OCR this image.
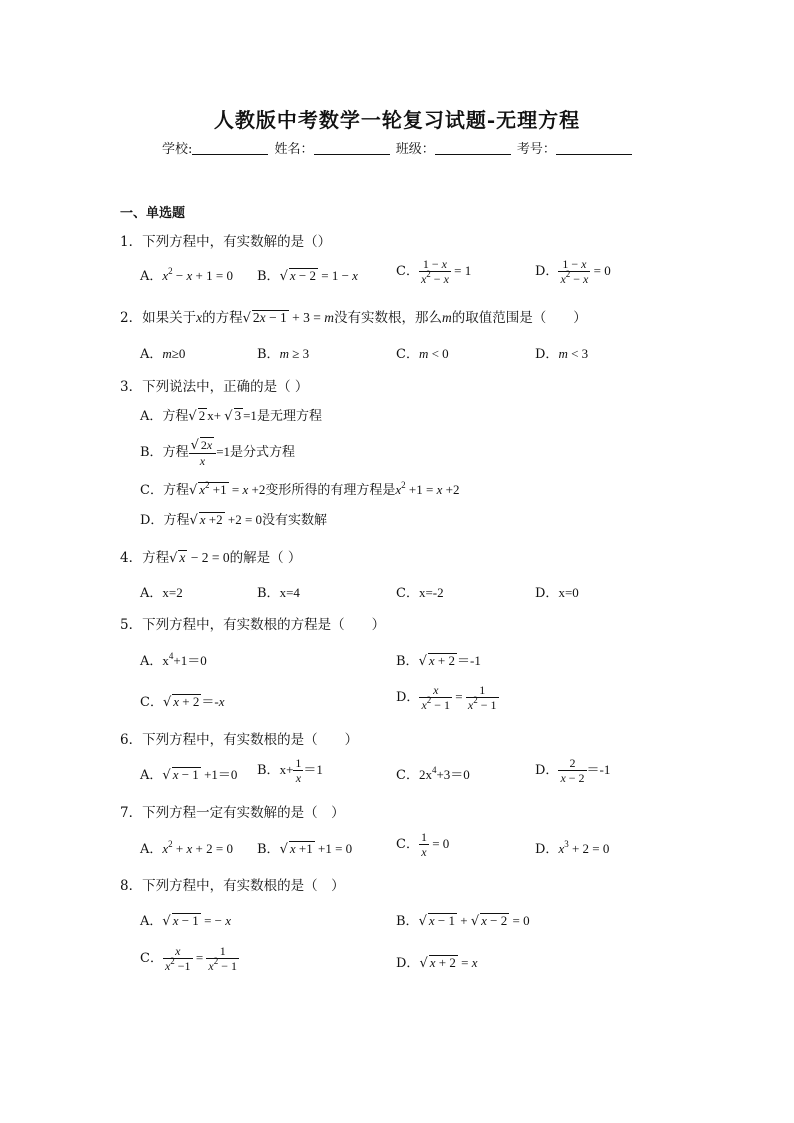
人教版中考数学一轮复习试题-无理方程
学校:	姓名：	班级：	考号：
一、单选题
1．下列方程中，有实数解的是（）
A．$x^2 - x + 1 = 0$ B．√ x − 2 = 1 − x	C． $\frac{1 - x}{x^2 - x} = 1$	D． $\frac{1 - x}{x^2 - x} = 0$
2．如果关于x的方程√ 2x − 1 + 3 = m没有实数根，那么m的取值范围是（　　）
A．m≥0	B．m ≥ 3	C．m < 0	D．m < 3
3．下列说法中，正确的是（ ）
A．方程√ 2 x+ √ 3 =1是无理方程
B．方程 $\frac{√ 2x}{x} =1$是分式方程
C．方程√ $x^2 +1 = x +2$变形所得的有理方程是$x^2 +1 = x +2$
D．方程√ x +2 +2 = 0没有实数解
4．方程√ x − 2 = 0的解是（ ）
A．x=2	B．x=4	C．x=-2	D．x=0
5．下列方程中，有实数根的方程是（　　）
A．$x^4+1=0$	B．√ x + 2 ＝-1
C．√ x + 2 ＝-x	D． $\frac{x}{x^2 - 1} = \frac{1}{x^2 - 1}$
6．下列方程中，有实数根的是（　　）
A．√ x − 1 +1＝0 B．$x+ \frac{1}{x} =1$	C．$2x^4+3=0$	D． $\frac{2}{x - 2} =-1$
7．下列方程一定有实数解的是（　）
A．$x^2 + x + 2 = 0$ B．√ x +1 +1 = 0	C． $\frac{1}{x} = 0$	D．$x^3 + 2 = 0$
8．下列方程中，有实数根的是（　）
A．√ x − 1 = − x	B．√ x − 1 + √ x − 2 = 0
C． $\frac{x}{x^2 -1} = \frac{1}{x^2 - 1}$	D．√ x + 2 = x
